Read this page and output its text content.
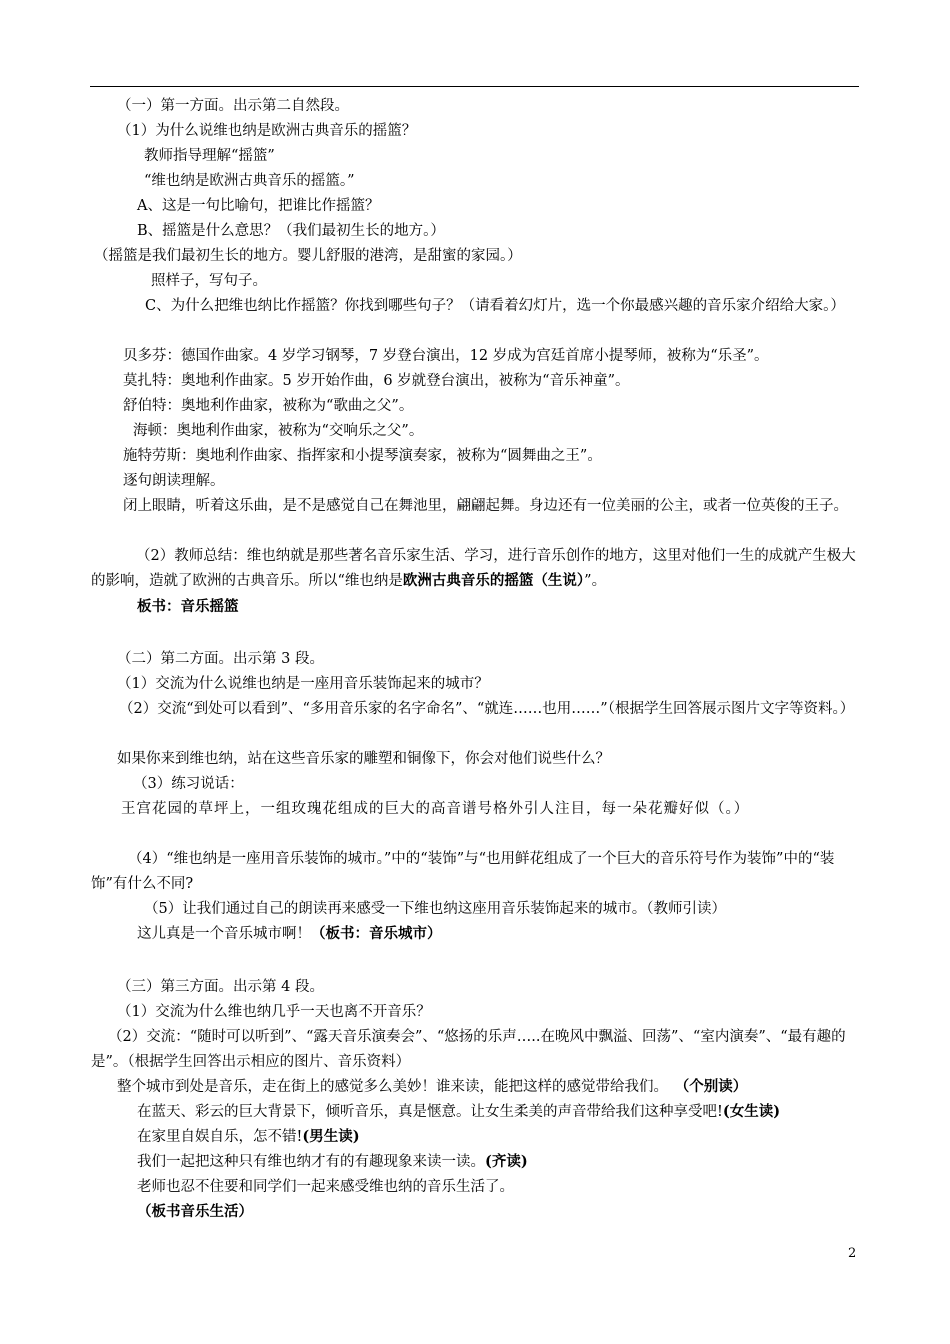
（一）第一方面。出示第二自然段。
（1）为什么说维也纳是欧洲古典音乐的摇篮？
教师指导理解“摇篮”
“维也纳是欧洲古典音乐的摇篮。”
A、这是一句比喻句，把谁比作摇篮？
B、摇篮是什么意思？（我们最初生长的地方。）
（摇篮是我们最初生长的地方。婴儿舒服的港湾，是甜蜜的家园。）
照样子，写句子。
C、为什么把维也纳比作摇篮？你找到哪些句子？（请看着幻灯片，选一个你最感兴趣的音乐家介绍给大家。）
贝多芬：德国作曲家。4 岁学习钢琴，7 岁登台演出，12 岁成为宫廷首席小提琴师，被称为“乐圣”。
莫扎特：奥地利作曲家。5 岁开始作曲，6 岁就登台演出，被称为“音乐神童”。
舒伯特：奥地利作曲家，被称为“歌曲之父”。
海顿：奥地利作曲家，被称为“交响乐之父”。
施特劳斯：奥地利作曲家、指挥家和小提琴演奏家，被称为“圆舞曲之王”。
逐句朗读理解。
闭上眼睛，听着这乐曲，是不是感觉自己在舞池里，翩翩起舞。身边还有一位美丽的公主，或者一位英俊的王子。
（2）教师总结：维也纳就是那些著名音乐家生活、学习，进行音乐创作的地方，这里对他们一生的成就产生极大的影响，造就了欧洲的古典音乐。所以“维也纳是欧洲古典音乐的摇篮（生说）”。
板书：音乐摇篮
（二）第二方面。出示第 3 段。
（1）交流为什么说维也纳是一座用音乐装饰起来的城市？
（2）交流“到处可以看到”、“多用音乐家的名字命名”、“就连……也用……”（根据学生回答展示图片文字等资料。）
如果你来到维也纳，站在这些音乐家的雕塑和铜像下，你会对他们说些什么？
（3）练习说话：
王宫花园的草坪上，一组玫瑰花组成的巨大的高音谱号格外引人注目，每一朵花瓣好似（。）
（4）“维也纳是一座用音乐装饰的城市。”中的“装饰”与“也用鲜花组成了一个巨大的音乐符号作为装饰”中的“装饰”有什么不同?
（5）让我们通过自己的朗读再来感受一下维也纳这座用音乐装饰起来的城市。（教师引读）
这儿真是一个音乐城市啊！（板书：音乐城市）
（三）第三方面。出示第 4 段。
（1）交流为什么维也纳几乎一天也离不开音乐？
（2）交流：“随时可以听到”、“露天音乐演奏会”、“悠扬的乐声…..在晚风中飘溢、回荡”、“室内演奏”、“最有趣的是”。（根据学生回答出示相应的图片、音乐资料）
整个城市到处是音乐，走在街上的感觉多么美妙！谁来读，能把这样的感觉带给我们。 （个别读）
在蓝天、彩云的巨大背景下，倾听音乐，真是惬意。让女生柔美的声音带给我们这种享受吧!(女生读)
在家里自娱自乐，怎不错!(男生读)
我们一起把这种只有维也纳才有的有趣现象来读一读。(齐读)
老师也忍不住要和同学们一起来感受维也纳的音乐生活了。
（板书音乐生活）
2
